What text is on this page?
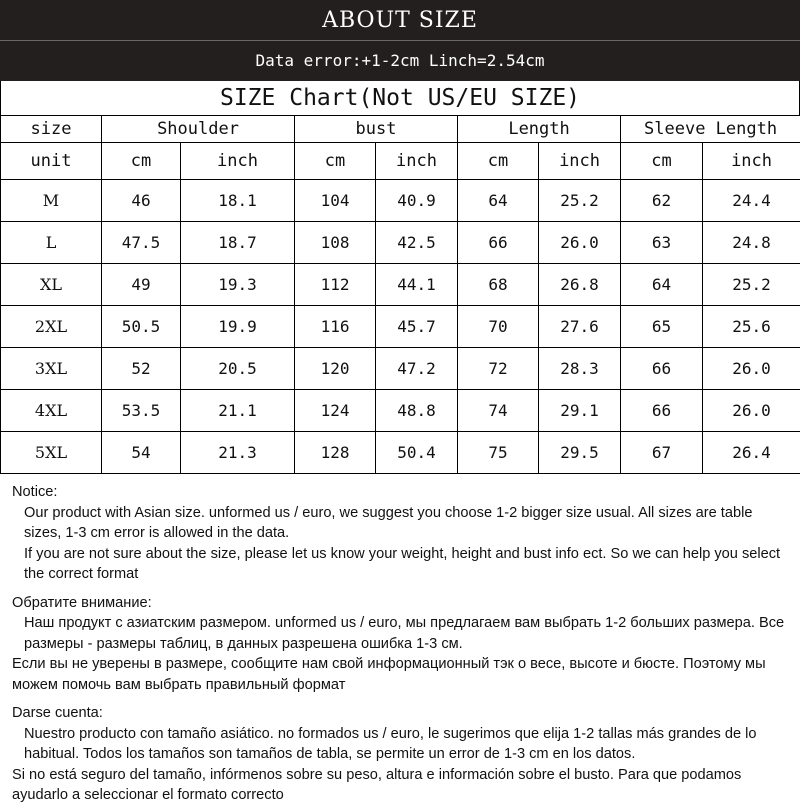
ABOUT SIZE
Data error:+1-2cm Linch=2.54cm
SIZE Chart(Not US/EU SIZE)
size	Shoulder		bust		Length		Sleeve Length	
unit	cm	inch	cm	inch	cm	inch	cm	inch
M	46	18.1	104	40.9	64	25.2	62	24.4
L	47.5	18.7	108	42.5	66	26.0	63	24.8
XL	49	19.3	112	44.1	68	26.8	64	25.2
2XL	50.5	19.9	116	45.7	70	27.6	65	25.6
3XL	52	20.5	120	47.2	72	28.3	66	26.0
4XL	53.5	21.1	124	48.8	74	29.1	66	26.0
5XL	54	21.3	128	50.4	75	29.5	67	26.4

Notice:

Our product with Asian size. unformed us / euro, we suggest you choose 1-2 bigger size usual. All sizes are table sizes, 1-3 cm error is allowed in the data.

If you are not sure about the size, please let us know your weight, height and bust info ect. So we can help you select the correct format

Обратите внимание:

Наш продукт с азиатским размером. unformed us / euro, мы предлагаем вам выбрать 1-2 больших размера. Все размеры - размеры таблиц, в данных разрешена ошибка 1-3 см.

Если вы не уверены в размере, сообщите нам свой информационный тэк о весе, высоте и бюсте. Поэтому мы можем помочь вам выбрать правильный формат

Darse cuenta:

Nuestro producto con tamaño asiático. no formados us / euro, le sugerimos que elija 1-2 tallas más grandes de lo habitual. Todos los tamaños son tamaños de tabla, se permite un error de 1-3 cm en los datos.

Si no está seguro del tamaño, infórmenos sobre su peso, altura e información sobre el busto. Para que podamos ayudarlo a seleccionar el formato correcto
